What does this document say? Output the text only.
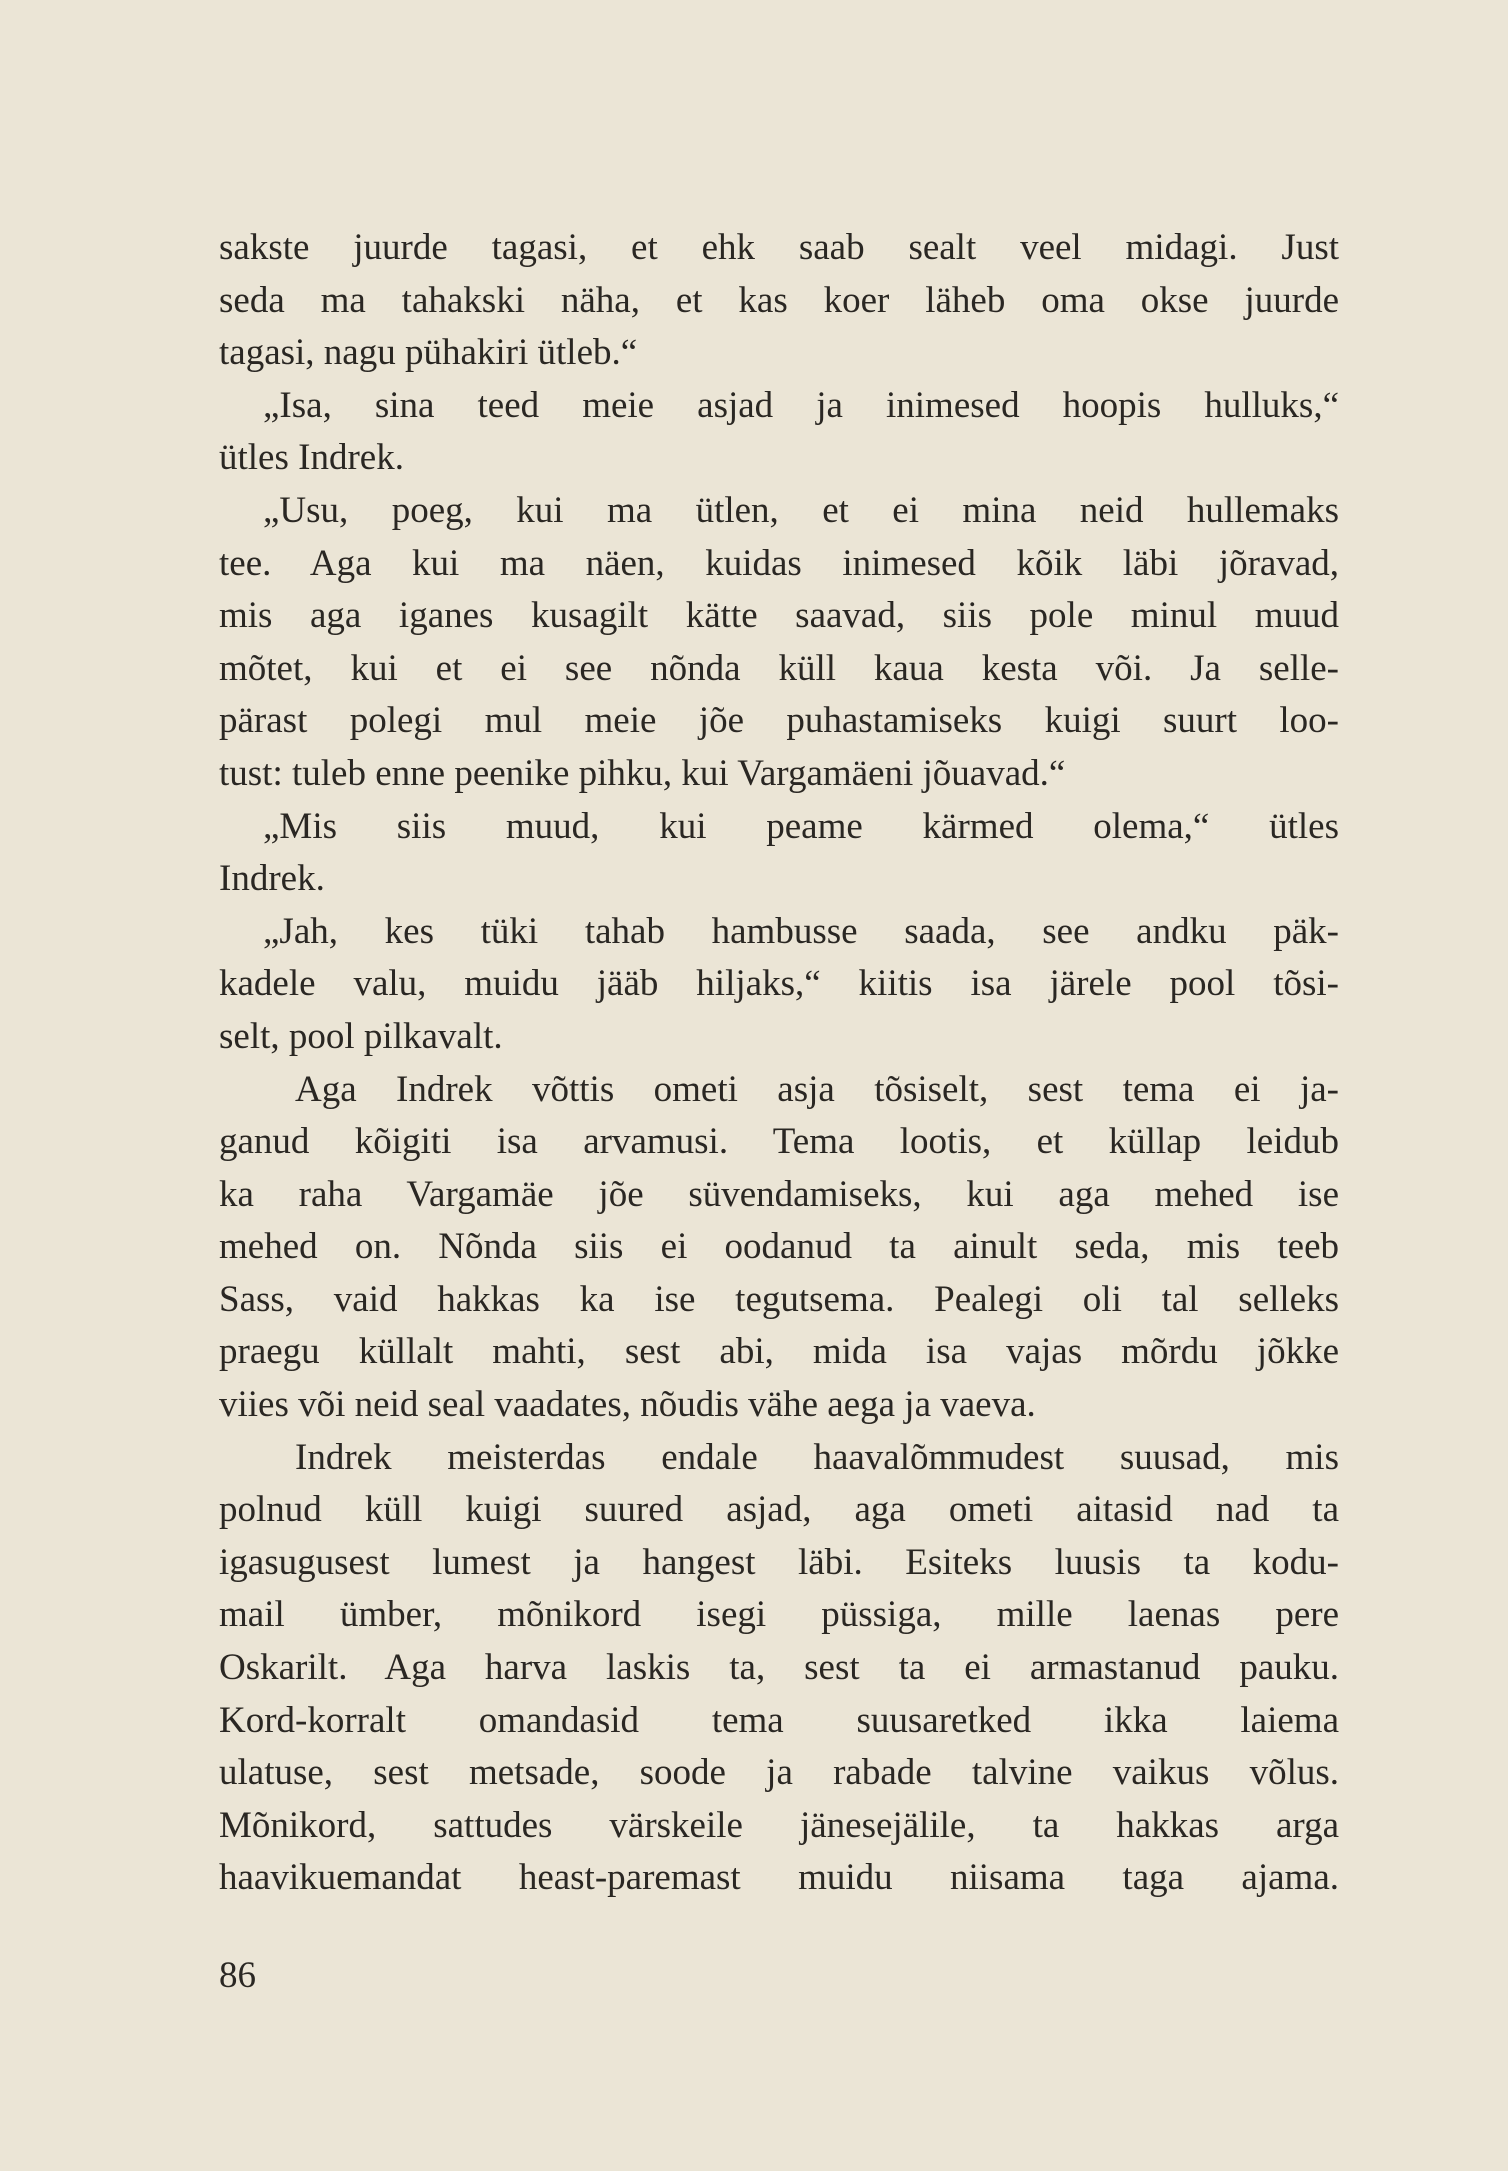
sakste juurde tagasi, et ehk saab sealt veel midagi. Just
seda ma tahakski näha, et kas koer läheb oma okse juurde
tagasi, nagu pühakiri ütleb.“
„Isa, sina teed meie asjad ja inimesed hoopis hulluks,“
ütles Indrek.
„Usu, poeg, kui ma ütlen, et ei mina neid hullemaks
tee. Aga kui ma näen, kuidas inimesed kõik läbi jõravad,
mis aga iganes kusagilt kätte saavad, siis pole minul muud
mõtet, kui et ei see nõnda küll kaua kesta või. Ja selle-
pärast polegi mul meie jõe puhastamiseks kuigi suurt loo-
tust: tuleb enne peenike pihku, kui Vargamäeni jõuavad.“
„Mis siis muud, kui peame kärmed olema,“ ütles
Indrek.
„Jah, kes tüki tahab hambusse saada, see andku päk-
kadele valu, muidu jääb hiljaks,“ kiitis isa järele pool tõsi-
selt, pool pilkavalt.
Aga Indrek võttis ometi asja tõsiselt, sest tema ei ja-
ganud kõigiti isa arvamusi. Tema lootis, et küllap leidub
ka raha Vargamäe jõe süvendamiseks, kui aga mehed ise
mehed on. Nõnda siis ei oodanud ta ainult seda, mis teeb
Sass, vaid hakkas ka ise tegutsema. Pealegi oli tal selleks
praegu küllalt mahti, sest abi, mida isa vajas mõrdu jõkke
viies või neid seal vaadates, nõudis vähe aega ja vaeva.
Indrek meisterdas endale haavalõmmudest suusad, mis
polnud küll kuigi suured asjad, aga ometi aitasid nad ta
igasugusest lumest ja hangest läbi. Esiteks luusis ta kodu-
mail ümber, mõnikord isegi püssiga, mille laenas pere
Oskarilt. Aga harva laskis ta, sest ta ei armastanud pauku.
Kord-korralt omandasid tema suusaretked ikka laiema
ulatuse, sest metsade, soode ja rabade talvine vaikus võlus.
Mõnikord, sattudes värskeile jänesejälile, ta hakkas arga
haavikuemandat heast-paremast muidu niisama taga ajama.
86
